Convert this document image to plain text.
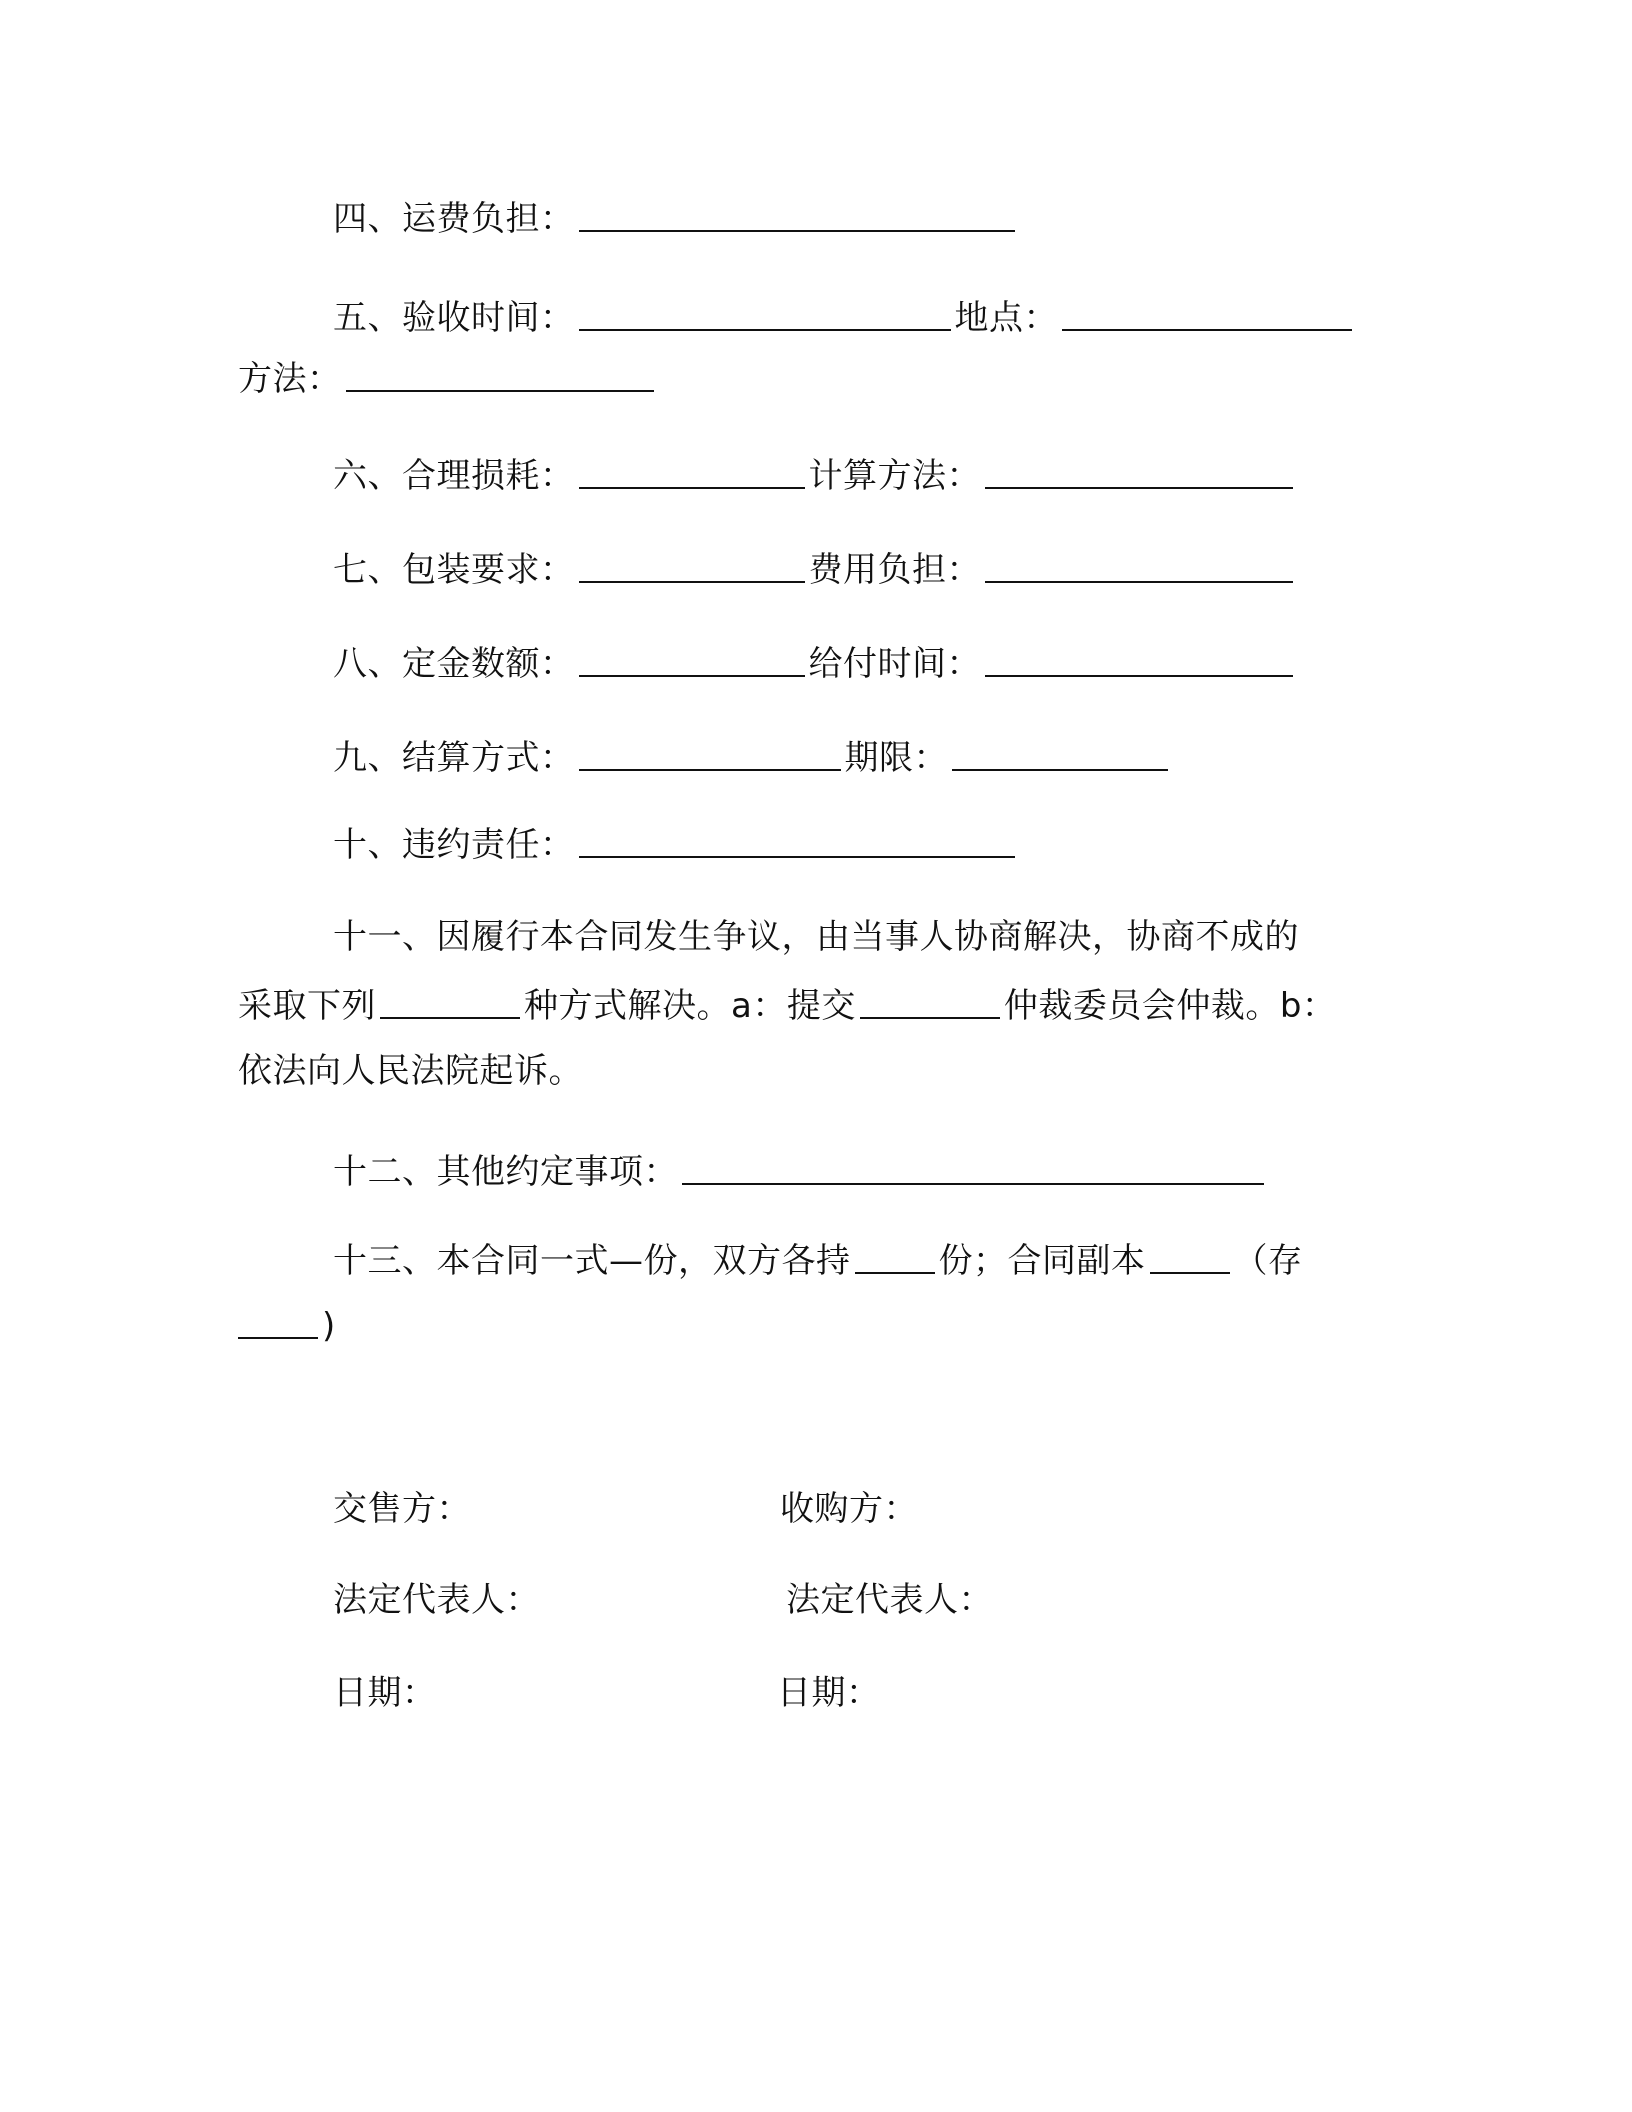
四、运费负担：
五、验收时间：	地点：
方法：
六、合理损耗：	计算方法：
七、包装要求：	费用负担：
八、定金数额：	给付时间：
九、结算方式：	期限：
十、违约责任：
十一、因履行本合同发生争议，由当事人协商解决，协商不成的
采取下列	种方式解决。a：提交	仲裁委员会仲裁。b：
依法向人民法院起诉。
十二、其他约定事项：
十三、本合同一式—份，双方各持	份；合同副本	（存
)
交售方：	收购方：
法定代表人：	法定代表人：
日期：	日期：
